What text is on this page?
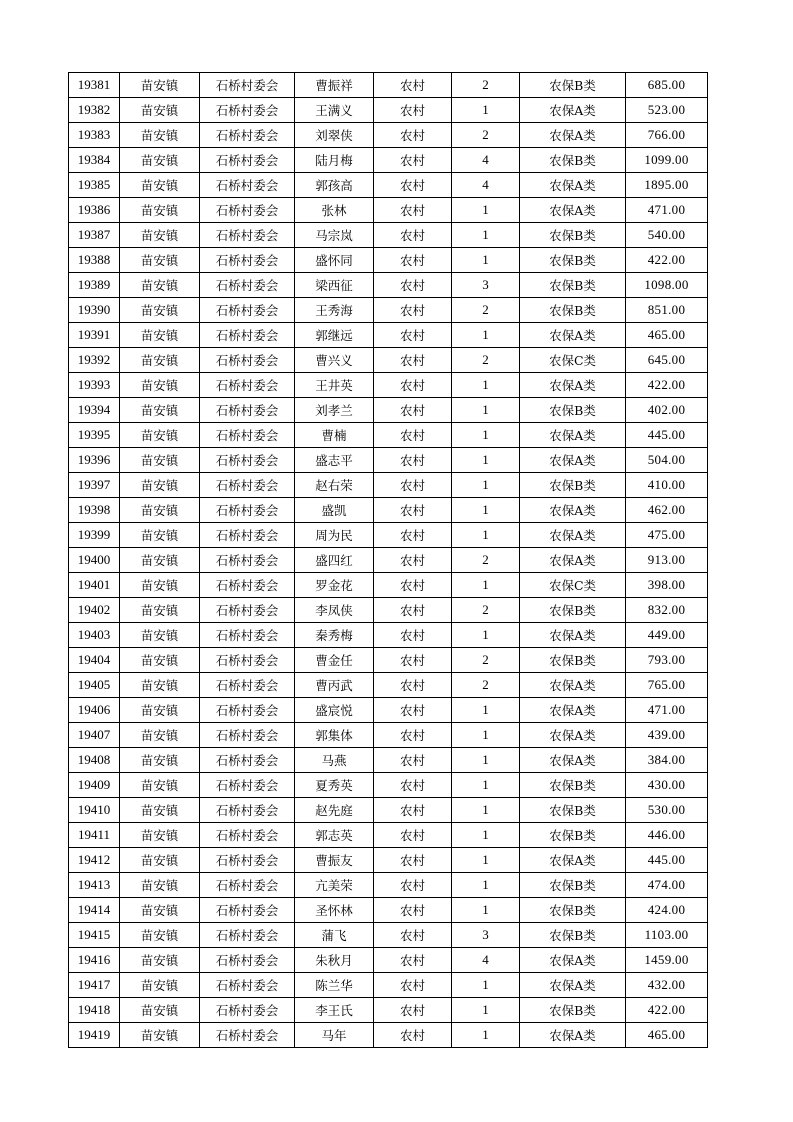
19381	苗安镇	石桥村委会	曹振祥	农村	2	农保B类	685.00
19382	苗安镇	石桥村委会	王满义	农村	1	农保A类	523.00
19383	苗安镇	石桥村委会	刘翠侠	农村	2	农保A类	766.00
19384	苗安镇	石桥村委会	陆月梅	农村	4	农保B类	1099.00
19385	苗安镇	石桥村委会	郭孩高	农村	4	农保A类	1895.00
19386	苗安镇	石桥村委会	张林	农村	1	农保A类	471.00
19387	苗安镇	石桥村委会	马宗岚	农村	1	农保B类	540.00
19388	苗安镇	石桥村委会	盛怀同	农村	1	农保B类	422.00
19389	苗安镇	石桥村委会	梁西征	农村	3	农保B类	1098.00
19390	苗安镇	石桥村委会	王秀海	农村	2	农保B类	851.00
19391	苗安镇	石桥村委会	郭继远	农村	1	农保A类	465.00
19392	苗安镇	石桥村委会	曹兴义	农村	2	农保C类	645.00
19393	苗安镇	石桥村委会	王井英	农村	1	农保A类	422.00
19394	苗安镇	石桥村委会	刘孝兰	农村	1	农保B类	402.00
19395	苗安镇	石桥村委会	曹楠	农村	1	农保A类	445.00
19396	苗安镇	石桥村委会	盛志平	农村	1	农保A类	504.00
19397	苗安镇	石桥村委会	赵右荣	农村	1	农保B类	410.00
19398	苗安镇	石桥村委会	盛凯	农村	1	农保A类	462.00
19399	苗安镇	石桥村委会	周为民	农村	1	农保A类	475.00
19400	苗安镇	石桥村委会	盛四红	农村	2	农保A类	913.00
19401	苗安镇	石桥村委会	罗金花	农村	1	农保C类	398.00
19402	苗安镇	石桥村委会	李凤侠	农村	2	农保B类	832.00
19403	苗安镇	石桥村委会	秦秀梅	农村	1	农保A类	449.00
19404	苗安镇	石桥村委会	曹金任	农村	2	农保B类	793.00
19405	苗安镇	石桥村委会	曹丙武	农村	2	农保A类	765.00
19406	苗安镇	石桥村委会	盛宸悦	农村	1	农保A类	471.00
19407	苗安镇	石桥村委会	郭集体	农村	1	农保A类	439.00
19408	苗安镇	石桥村委会	马燕	农村	1	农保A类	384.00
19409	苗安镇	石桥村委会	夏秀英	农村	1	农保B类	430.00
19410	苗安镇	石桥村委会	赵先庭	农村	1	农保B类	530.00
19411	苗安镇	石桥村委会	郭志英	农村	1	农保B类	446.00
19412	苗安镇	石桥村委会	曹振友	农村	1	农保A类	445.00
19413	苗安镇	石桥村委会	亢美荣	农村	1	农保B类	474.00
19414	苗安镇	石桥村委会	圣怀林	农村	1	农保B类	424.00
19415	苗安镇	石桥村委会	蒲飞	农村	3	农保B类	1103.00
19416	苗安镇	石桥村委会	朱秋月	农村	4	农保A类	1459.00
19417	苗安镇	石桥村委会	陈兰华	农村	1	农保A类	432.00
19418	苗安镇	石桥村委会	李王氏	农村	1	农保B类	422.00
19419	苗安镇	石桥村委会	马年	农村	1	农保A类	465.00
